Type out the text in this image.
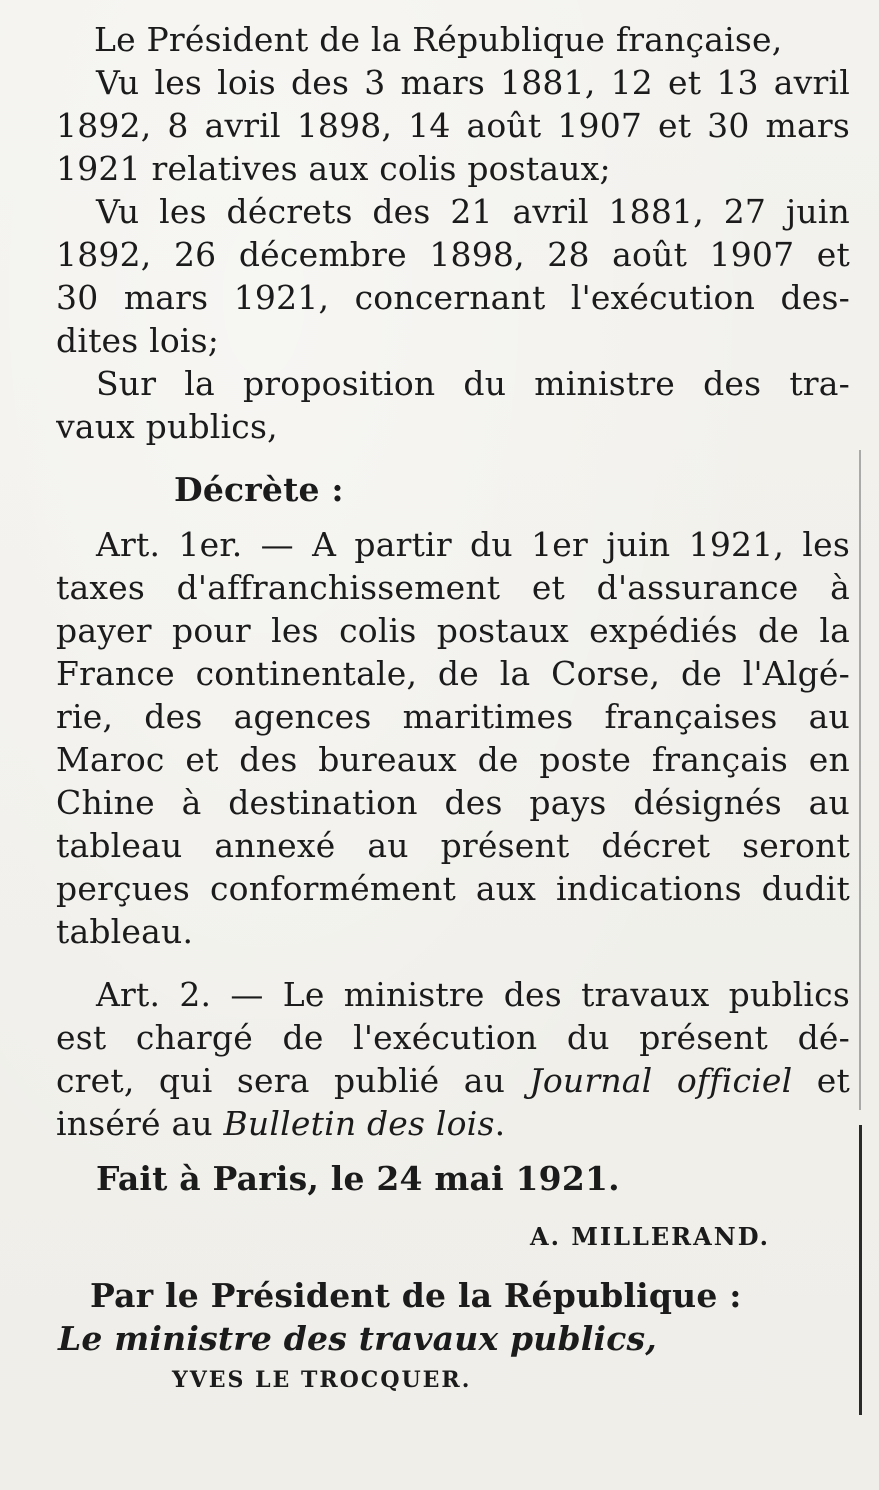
Le Président de la République française,
Vu les lois des 3 mars 1881, 12 et 13 avril
1892, 8 avril 1898, 14 août 1907 et 30 mars
1921 relatives aux colis postaux;
Vu les décrets des 21 avril 1881, 27 juin
1892, 26 décembre 1898, 28 août 1907 et
30 mars 1921, concernant l'exécution des-
dites lois;
Sur la proposition du ministre des tra-
vaux publics,
Décrète :
Art. 1er. — A partir du 1er juin 1921, les
taxes d'affranchissement et d'assurance à
payer pour les colis postaux expédiés de la
France continentale, de la Corse, de l'Algé-
rie, des agences maritimes françaises au
Maroc et des bureaux de poste français en
Chine à destination des pays désignés au
tableau annexé au présent décret seront
perçues conformément aux indications dudit
tableau.
Art. 2. — Le ministre des travaux publics
est chargé de l'exécution du présent dé-
cret, qui sera publié au Journal officiel et
inséré au Bulletin des lois.
Fait à Paris, le 24 mai 1921.
A. MILLERAND.
Par le Président de la République :
Le ministre des travaux publics,
YVES LE TROCQUER.
